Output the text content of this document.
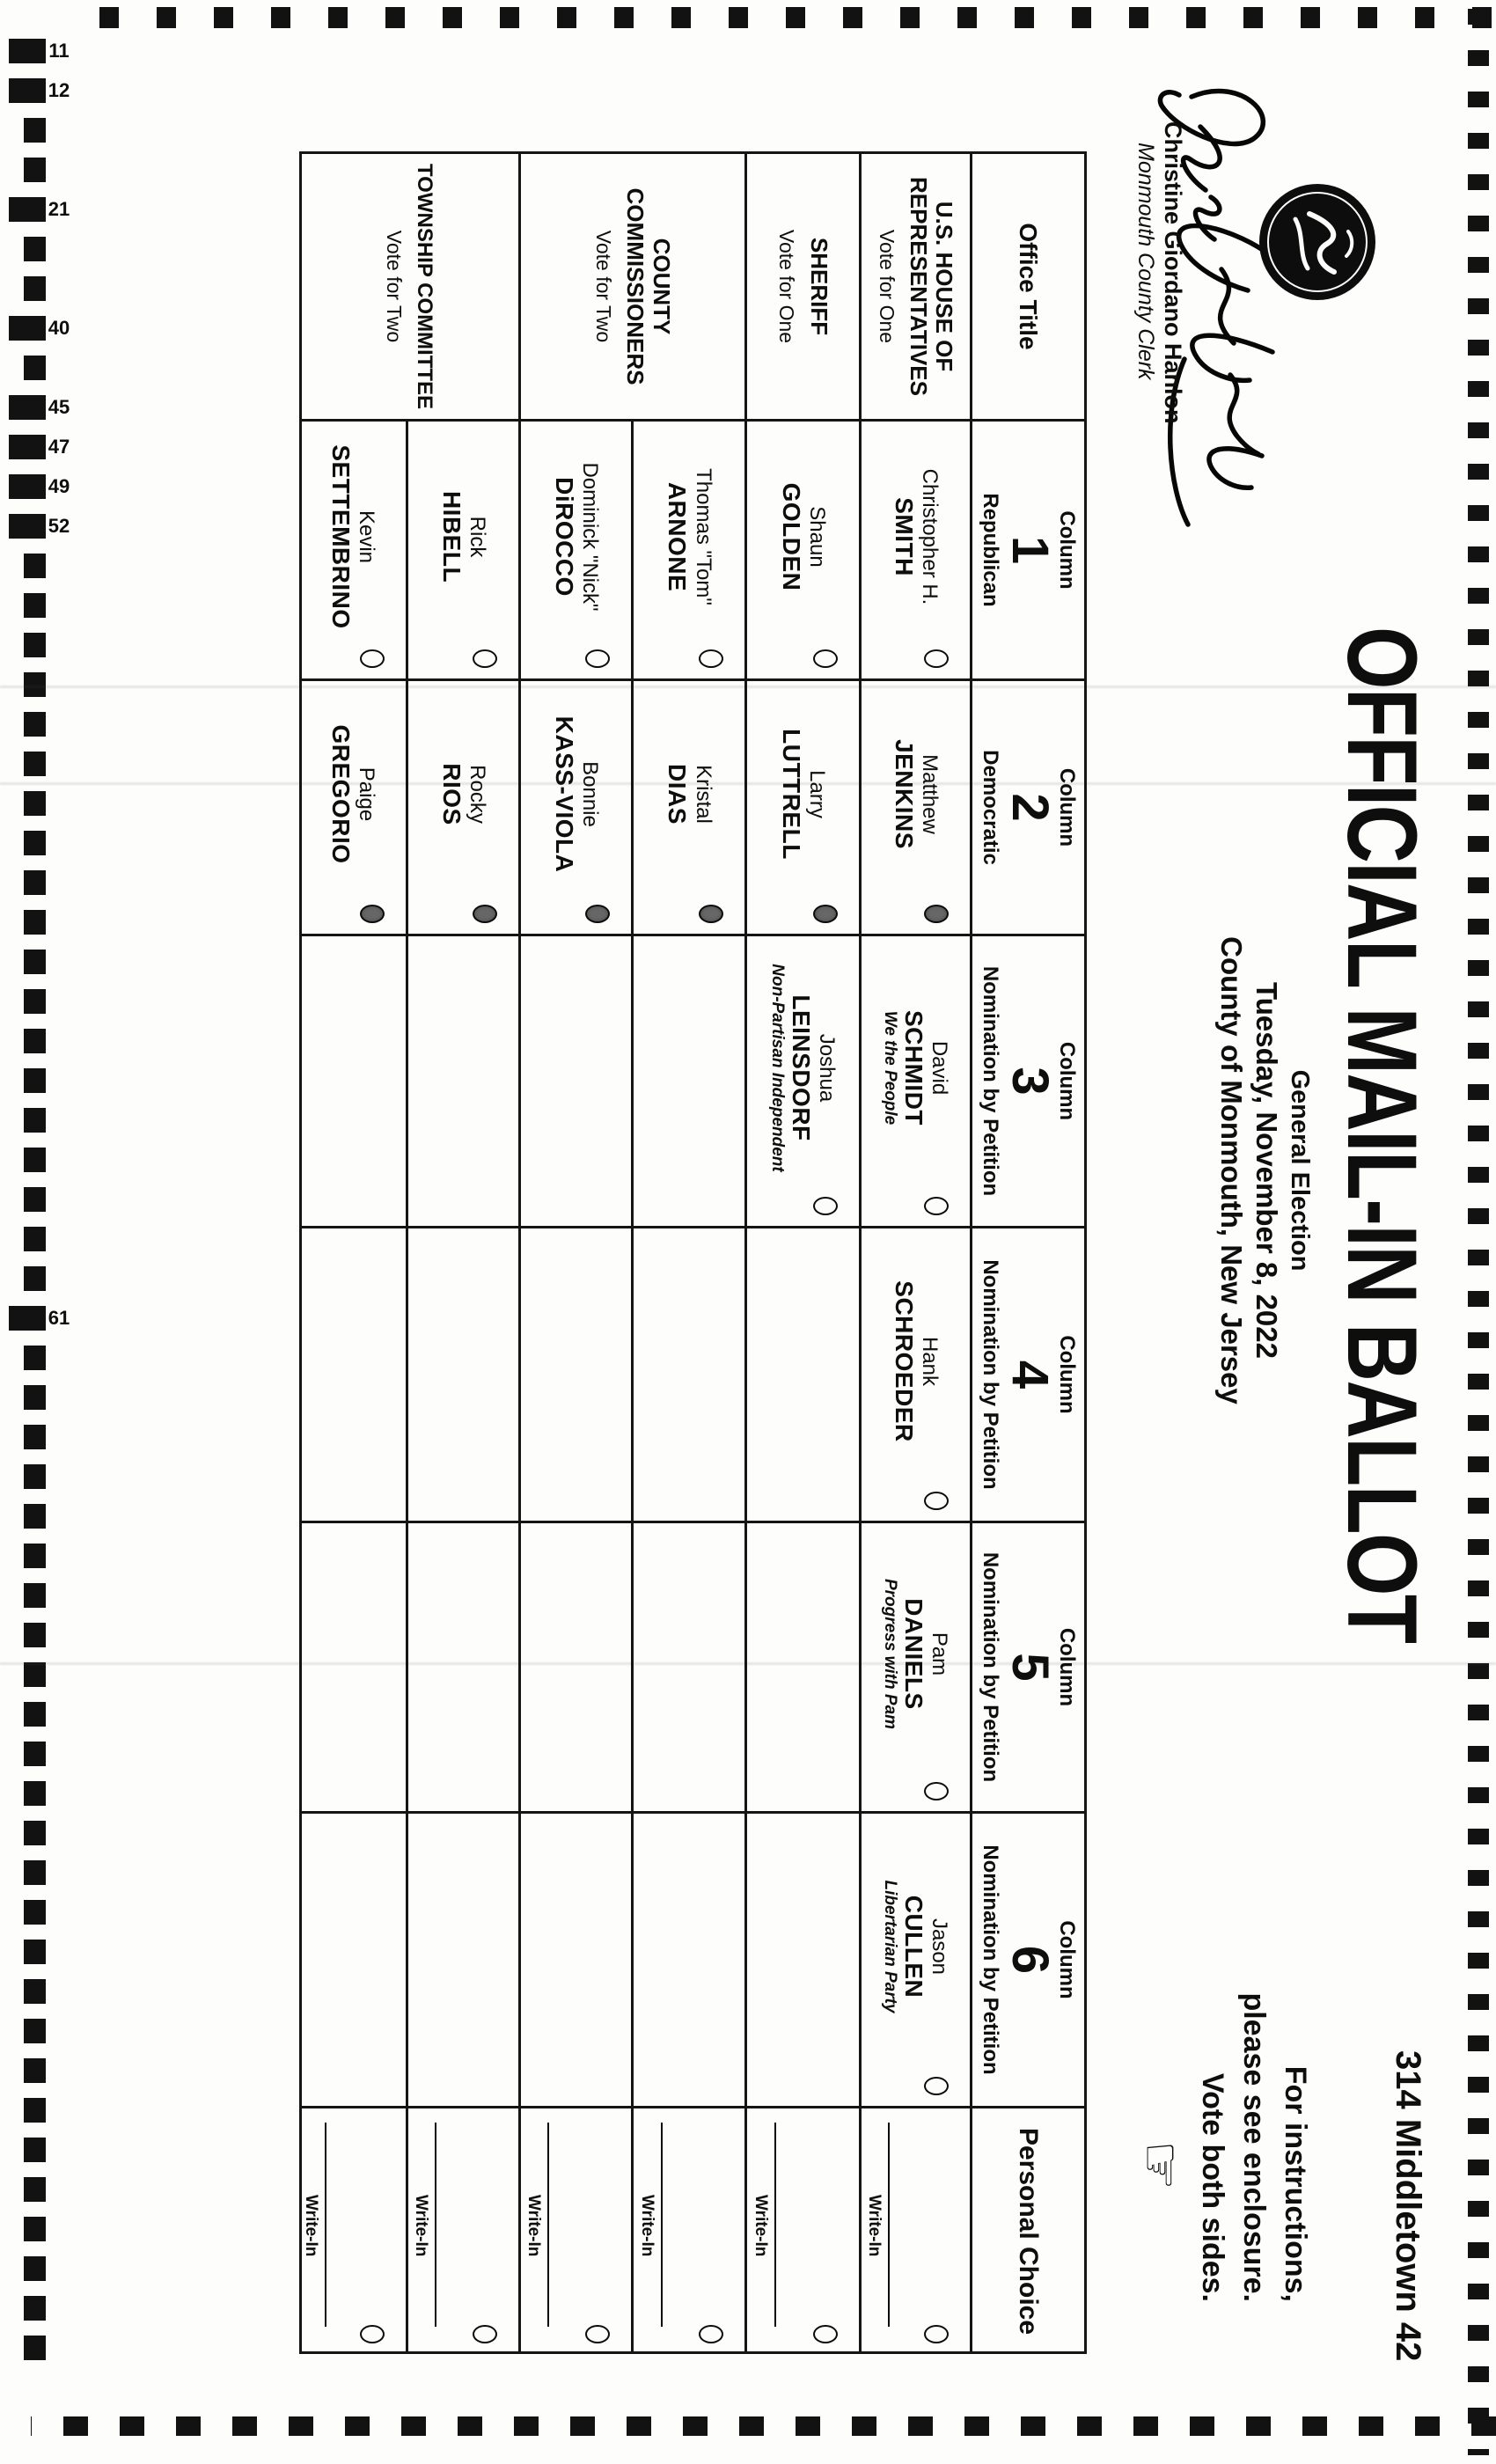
11
12
21
40
45
47
49
52
61
Christine Giordano Hanlon
Monmouth County Clerk
OFFICIAL MAIL-IN BALLOT
General Election
Tuesday, November 8, 2022
County of Monmouth, New Jersey
314 Middletown 42
For instructions,
please see enclosure.
Vote both sides.
☞
Office Title
Column
1
Republican
Column
2
Democratic
Column
3
Nomination by Petition
Column
4
Nomination by Petition
Column
5
Nomination by Petition
Column
6
Nomination by Petition
Personal Choice
U.S. HOUSE OF
REPRESENTATIVES
Vote for One
SHERIFF
Vote for One
COUNTY
COMMISSIONERS
Vote for Two
TOWNSHIP COMMITTEE
Vote for Two
Christopher H.
SMITH
Matthew
JENKINS
David
SCHMIDT
We the People
Hank
SCHROEDER
Pam
DANIELS
Progress with Pam
Jason
CULLEN
Libertarian Party
Write-In
Shaun
GOLDEN
Larry
LUTTRELL
Joshua
LEINSDORF
Non-Partisan Independent
Write-In
Thomas "Tom"
ARNONE
Kristal
DIAS
Write-In
Dominick "Nick"
DiROCCO
Bonnie
KASS-VIOLA
Write-In
Rick
HIBELL
Rocky
RIOS
Write-In
Kevin
SETTEMBRINO
Paige
GREGORIO
Write-In
